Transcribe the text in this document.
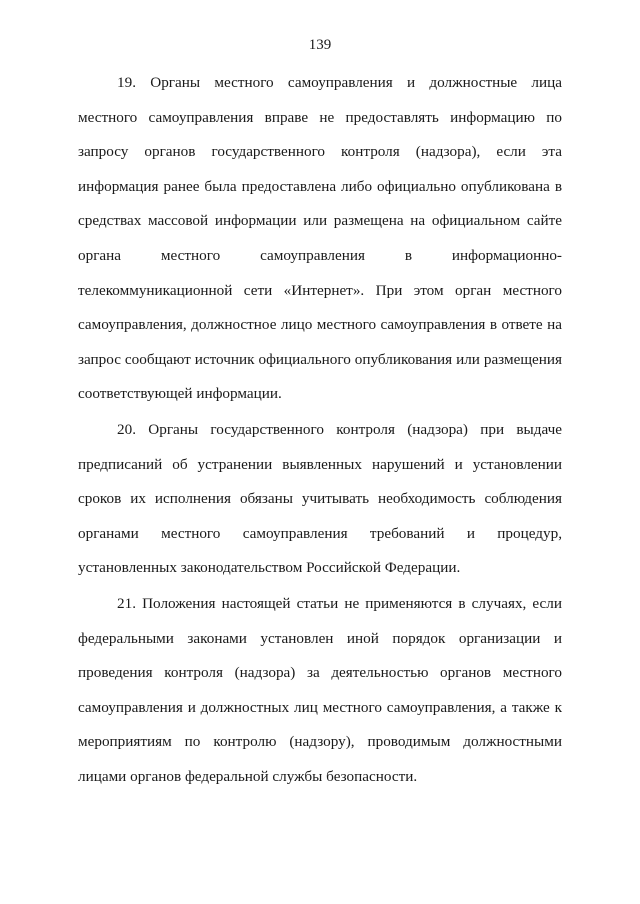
139

19. Органы местного самоуправления и должностные лица местного самоуправления вправе не предоставлять информацию по запросу органов государственного контроля (надзора), если эта информация ранее была предоставлена либо официально опубликована в средствах массовой информации или размещена на официальном сайте органа местного самоуправления в информационно-телекоммуникационной сети «Интернет». При этом орган местного самоуправления, должностное лицо местного самоуправления в ответе на запрос сообщают источник официального опубликования или размещения соответствующей информации.

20. Органы государственного контроля (надзора) при выдаче предписаний об устранении выявленных нарушений и установлении сроков их исполнения обязаны учитывать необходимость соблюдения органами местного самоуправления требований и процедур, установленных законодательством Российской Федерации.

21. Положения настоящей статьи не применяются в случаях, если федеральными законами установлен иной порядок организации и проведения контроля (надзора) за деятельностью органов местного самоуправления и должностных лиц местного самоуправления, а также к мероприятиям по контролю (надзору), проводимым должностными лицами органов федеральной службы безопасности.
